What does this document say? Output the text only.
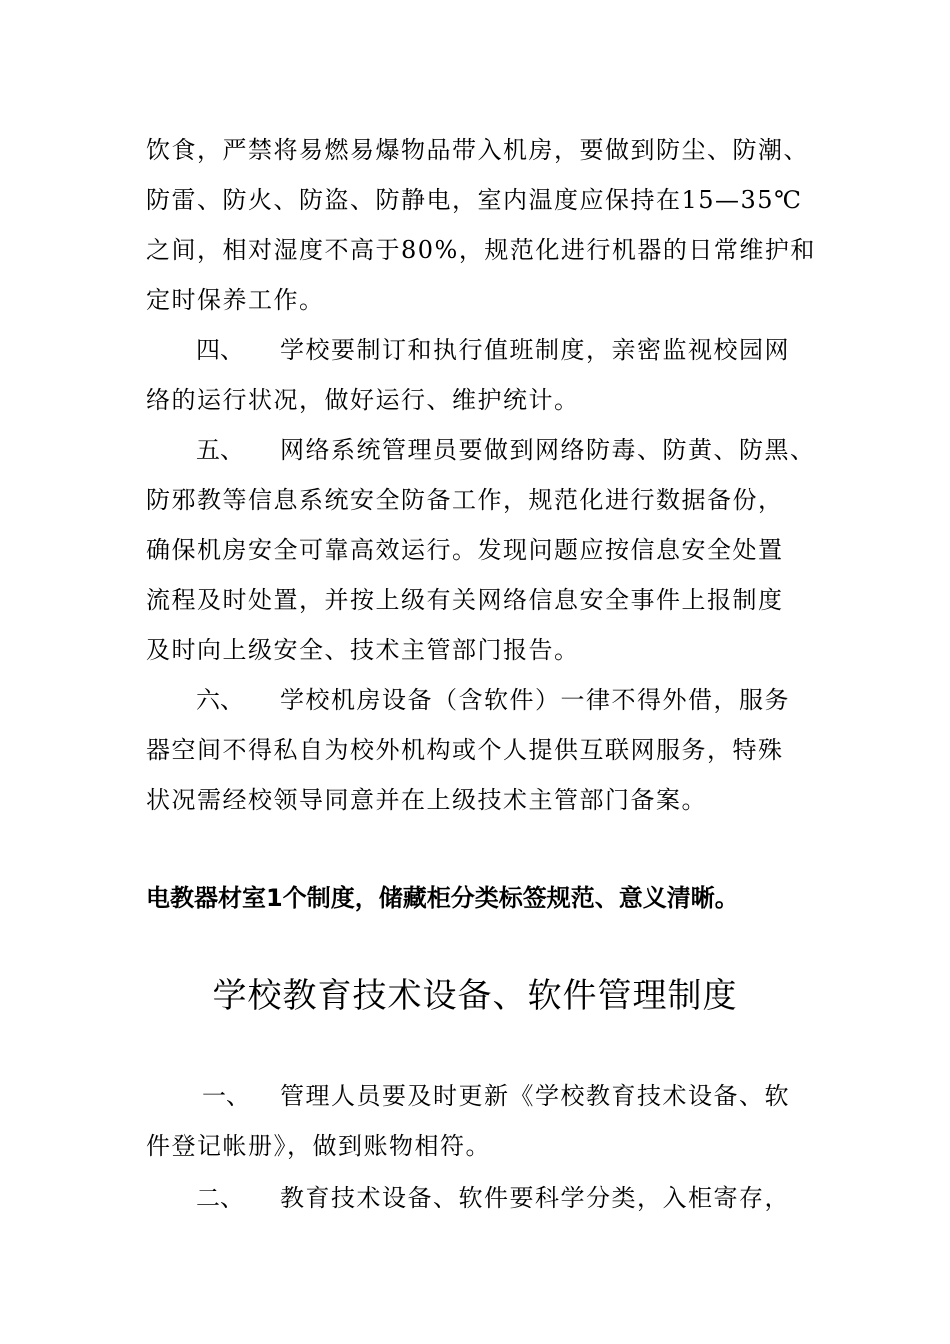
饮食，严禁将易燃易爆物品带入机房，要做到防尘、防潮、
防雷、防火、防盗、防静电，室内温度应保持在15—35℃
之间，相对湿度不高于80%，规范化进行机器的日常维护和
定时保养工作。
四、 学校要制订和执行值班制度，亲密监视校园网
络的运行状况，做好运行、维护统计。
五、 网络系统管理员要做到网络防毒、防黄、防黑、
防邪教等信息系统安全防备工作，规范化进行数据备份，
确保机房安全可靠高效运行。发现问题应按信息安全处置
流程及时处置，并按上级有关网络信息安全事件上报制度
及时向上级安全、技术主管部门报告。
六、 学校机房设备（含软件）一律不得外借，服务
器空间不得私自为校外机构或个人提供互联网服务，特殊
状况需经校领导同意并在上级技术主管部门备案。
电教器材室1个制度，储藏柜分类标签规范、意义清晰。
学校教育技术设备、软件管理制度
一、 管理人员要及时更新《学校教育技术设备、软
件登记帐册》，做到账物相符。
二、 教育技术设备、软件要科学分类，入柜寄存，
